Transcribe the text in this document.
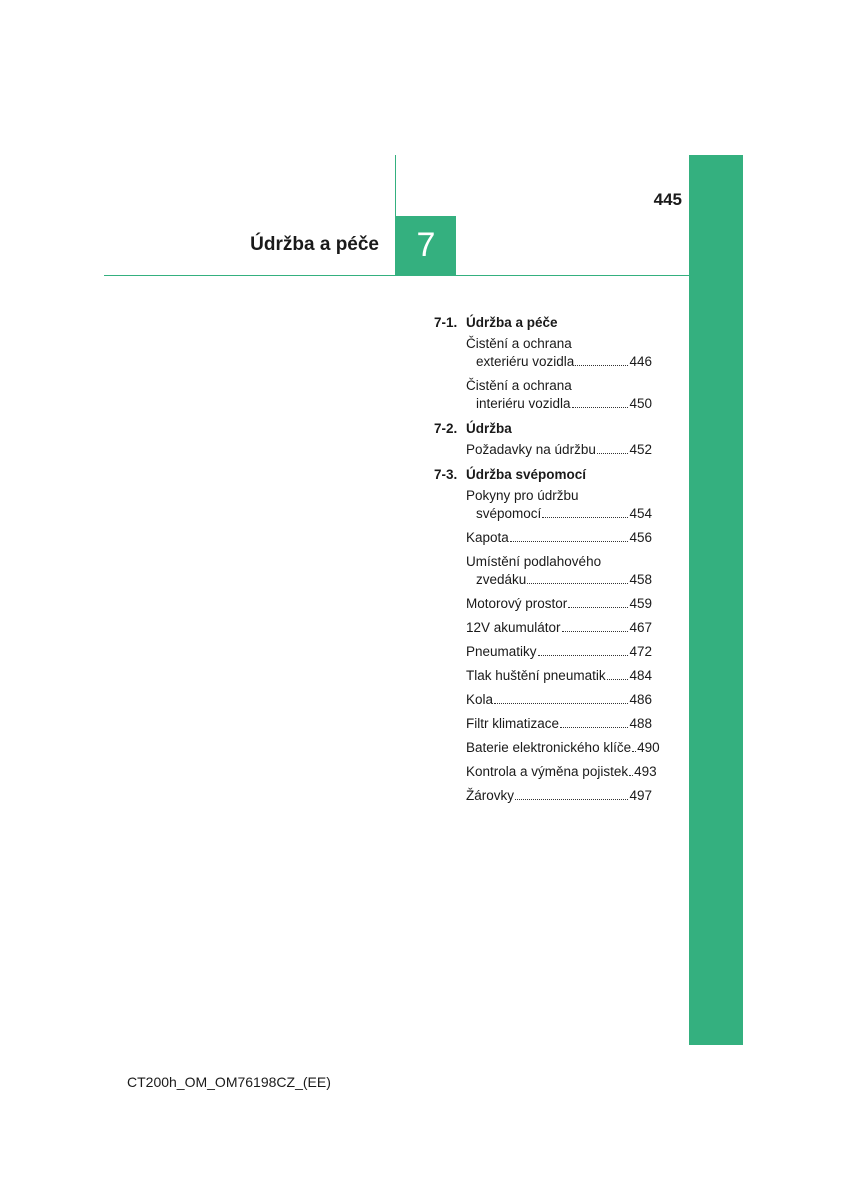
445
Údržba a péče	7
7-1. Údržba a péče
Čistění a ochrana
exteriéru vozidla	446
Čistění a ochrana
interiéru vozidla	450
7-2. Údržba
Požadavky na údržbu 452
7-3. Údržba svépomocí
Pokyny pro údržbu
svépomocí	454
Kapota	456
Umístění podlahového
zvedáku	458
Motorový prostor	459
12V akumulátor	467
Pneumatiky	472
Tlak huštění pneumatik 484
Kola	486
Filtr klimatizace	488
Baterie elektronického klíče 490
Kontrola a výměna pojistek 493
Žárovky	497
CT200h_OM_OM76198CZ_(EE)
